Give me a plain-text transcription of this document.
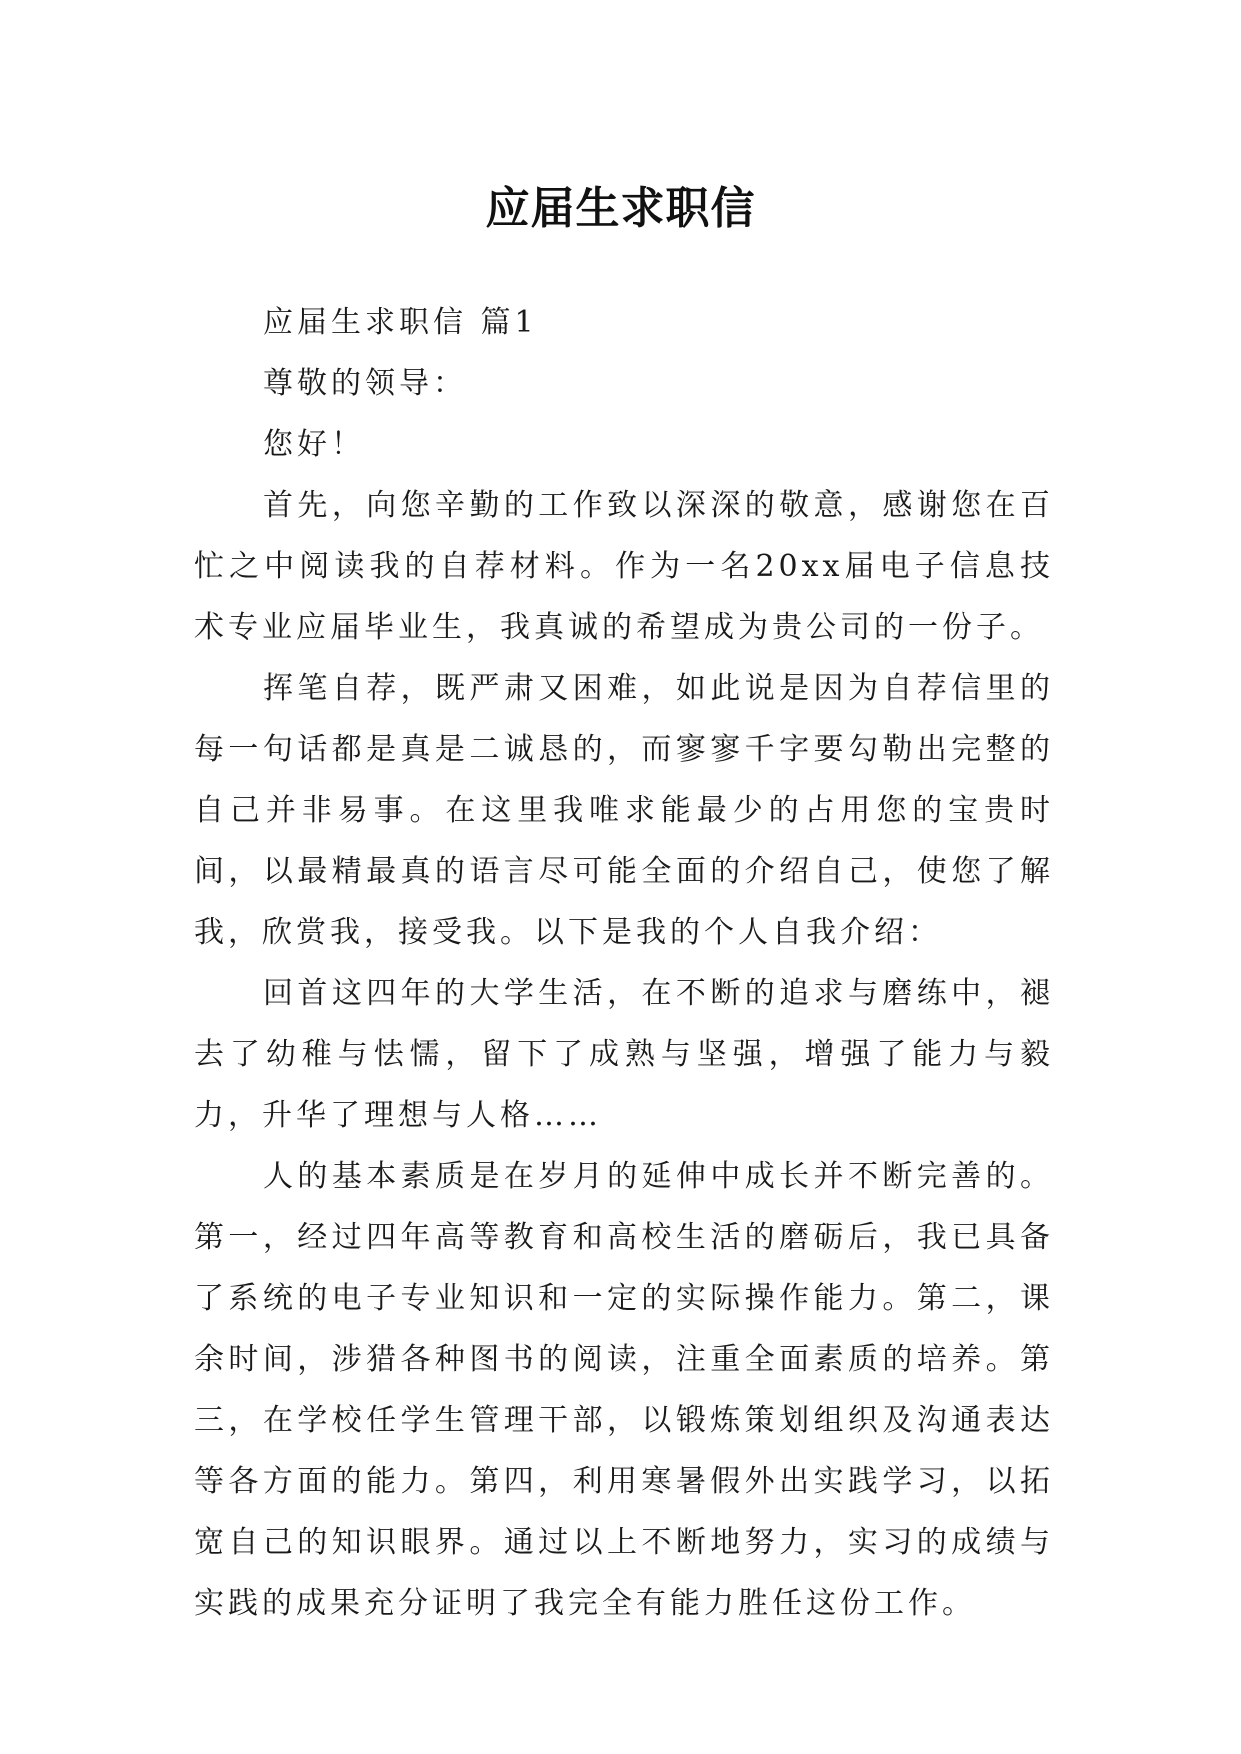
应届生求职信

应届生求职信 篇1

尊敬的领导：

您好！

首先，向您辛勤的工作致以深深的敬意，感谢您在百忙之中阅读我的自荐材料。作为一名20xx届电子信息技术专业应届毕业生，我真诚的希望成为贵公司的一份子。

挥笔自荐，既严肃又困难，如此说是因为自荐信里的每一句话都是真是二诚恳的，而寥寥千字要勾勒出完整的自己并非易事。在这里我唯求能最少的占用您的宝贵时间，以最精最真的语言尽可能全面的介绍自己，使您了解我，欣赏我，接受我。以下是我的个人自我介绍：

回首这四年的大学生活，在不断的追求与磨练中，褪去了幼稚与怯懦，留下了成熟与坚强，增强了能力与毅力，升华了理想与人格……

人的基本素质是在岁月的延伸中成长并不断完善的。第一，经过四年高等教育和高校生活的磨砺后，我已具备了系统的电子专业知识和一定的实际操作能力。第二，课余时间，涉猎各种图书的阅读，注重全面素质的培养。第三，在学校任学生管理干部，以锻炼策划组织及沟通表达等各方面的能力。第四，利用寒暑假外出实践学习，以拓宽自己的知识眼界。通过以上不断地努力，实习的成绩与实践的成果充分证明了我完全有能力胜任这份工作。
